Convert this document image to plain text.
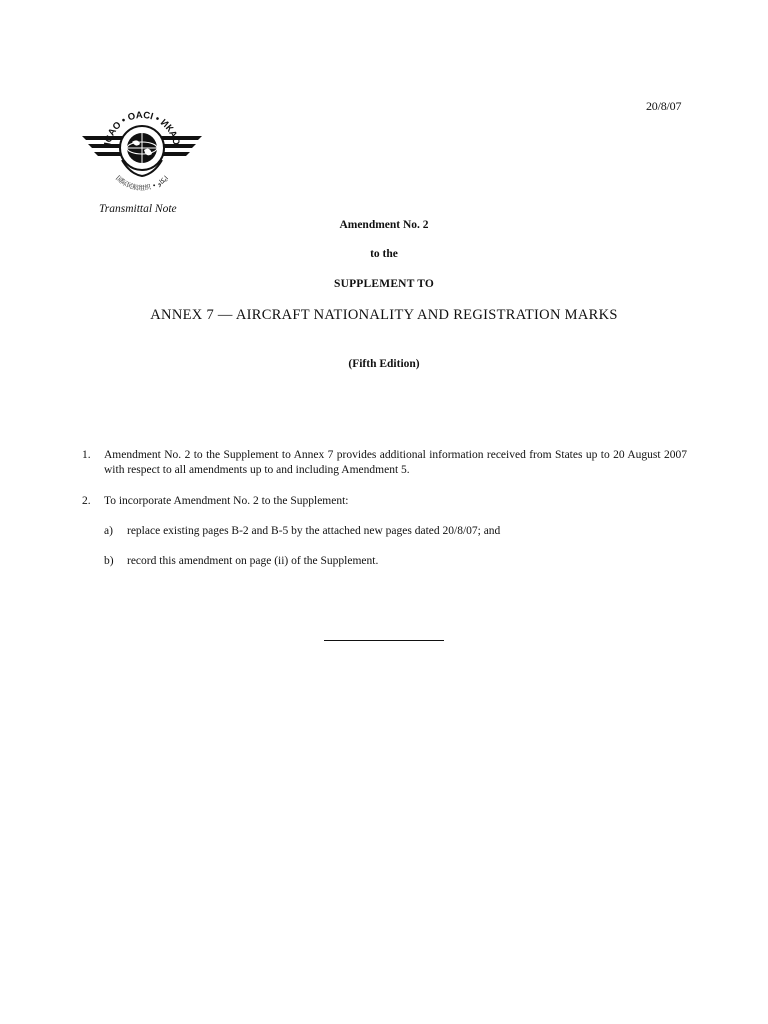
ICAO • OACI • ИКАО
国际民航组织 • ايكاو
Transmittal Note
20/8/07
Amendment No. 2
to the
SUPPLEMENT TO
ANNEX 7 — AIRCRAFT NATIONALITY AND REGISTRATION MARKS
(Fifth Edition)
1. Amendment No. 2 to the Supplement to Annex 7 provides additional information received from States up to 20 August 2007 with respect to all amendments up to and including Amendment 5.
2. To incorporate Amendment No. 2 to the Supplement:
a) replace existing pages B-2 and B-5 by the attached new pages dated 20/8/07; and
b) record this amendment on page (ii) of the Supplement.
